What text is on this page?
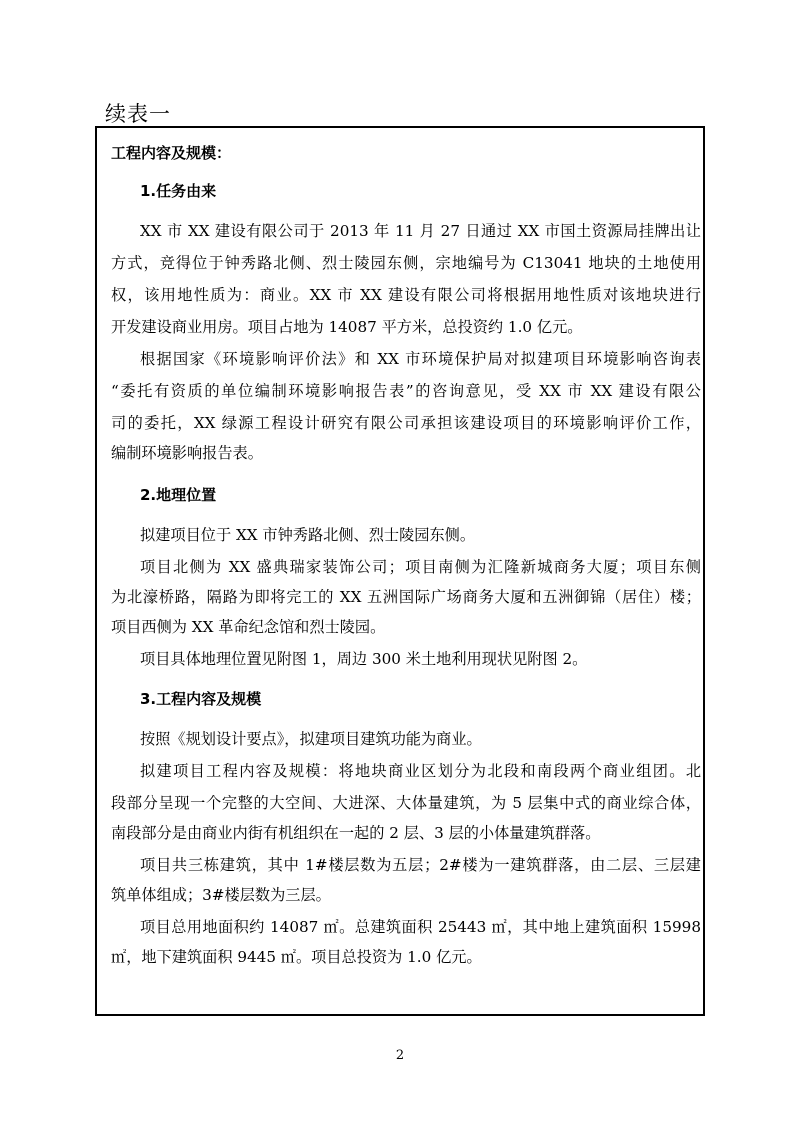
续表一
工程内容及规模：
1.任务由来
XX 市 XX 建设有限公司于 2013 年 11 月 27 日通过 XX 市国土资源局挂牌出让
方式，竞得位于钟秀路北侧、烈士陵园东侧，宗地编号为 C13041 地块的土地使用
权，该用地性质为：商业。XX 市 XX 建设有限公司将根据用地性质对该地块进行
开发建设商业用房。项目占地为 14087 平方米，总投资约 1.0 亿元。
根据国家《环境影响评价法》和 XX 市环境保护局对拟建项目环境影响咨询表
“委托有资质的单位编制环境影响报告表”的咨询意见，受 XX 市 XX 建设有限公
司的委托，XX 绿源工程设计研究有限公司承担该建设项目的环境影响评价工作，
编制环境影响报告表。
2.地理位置
拟建项目位于 XX 市钟秀路北侧、烈士陵园东侧。
项目北侧为 XX 盛典瑞家装饰公司；项目南侧为汇隆新城商务大厦；项目东侧
为北濠桥路，隔路为即将完工的 XX 五洲国际广场商务大厦和五洲御锦（居住）楼；
项目西侧为 XX 革命纪念馆和烈士陵园。
项目具体地理位置见附图 1，周边 300 米土地利用现状见附图 2。
3.工程内容及规模
按照《规划设计要点》，拟建项目建筑功能为商业。
拟建项目工程内容及规模：将地块商业区划分为北段和南段两个商业组团。北
段部分呈现一个完整的大空间、大进深、大体量建筑，为 5 层集中式的商业综合体，
南段部分是由商业内街有机组织在一起的 2 层、3 层的小体量建筑群落。
项目共三栋建筑，其中 1#楼层数为五层；2#楼为一建筑群落，由二层、三层建
筑单体组成；3#楼层数为三层。
项目总用地面积约 14087 ㎡。总建筑面积 25443 ㎡，其中地上建筑面积 15998
㎡，地下建筑面积 9445 ㎡。项目总投资为 1.0 亿元。
2
